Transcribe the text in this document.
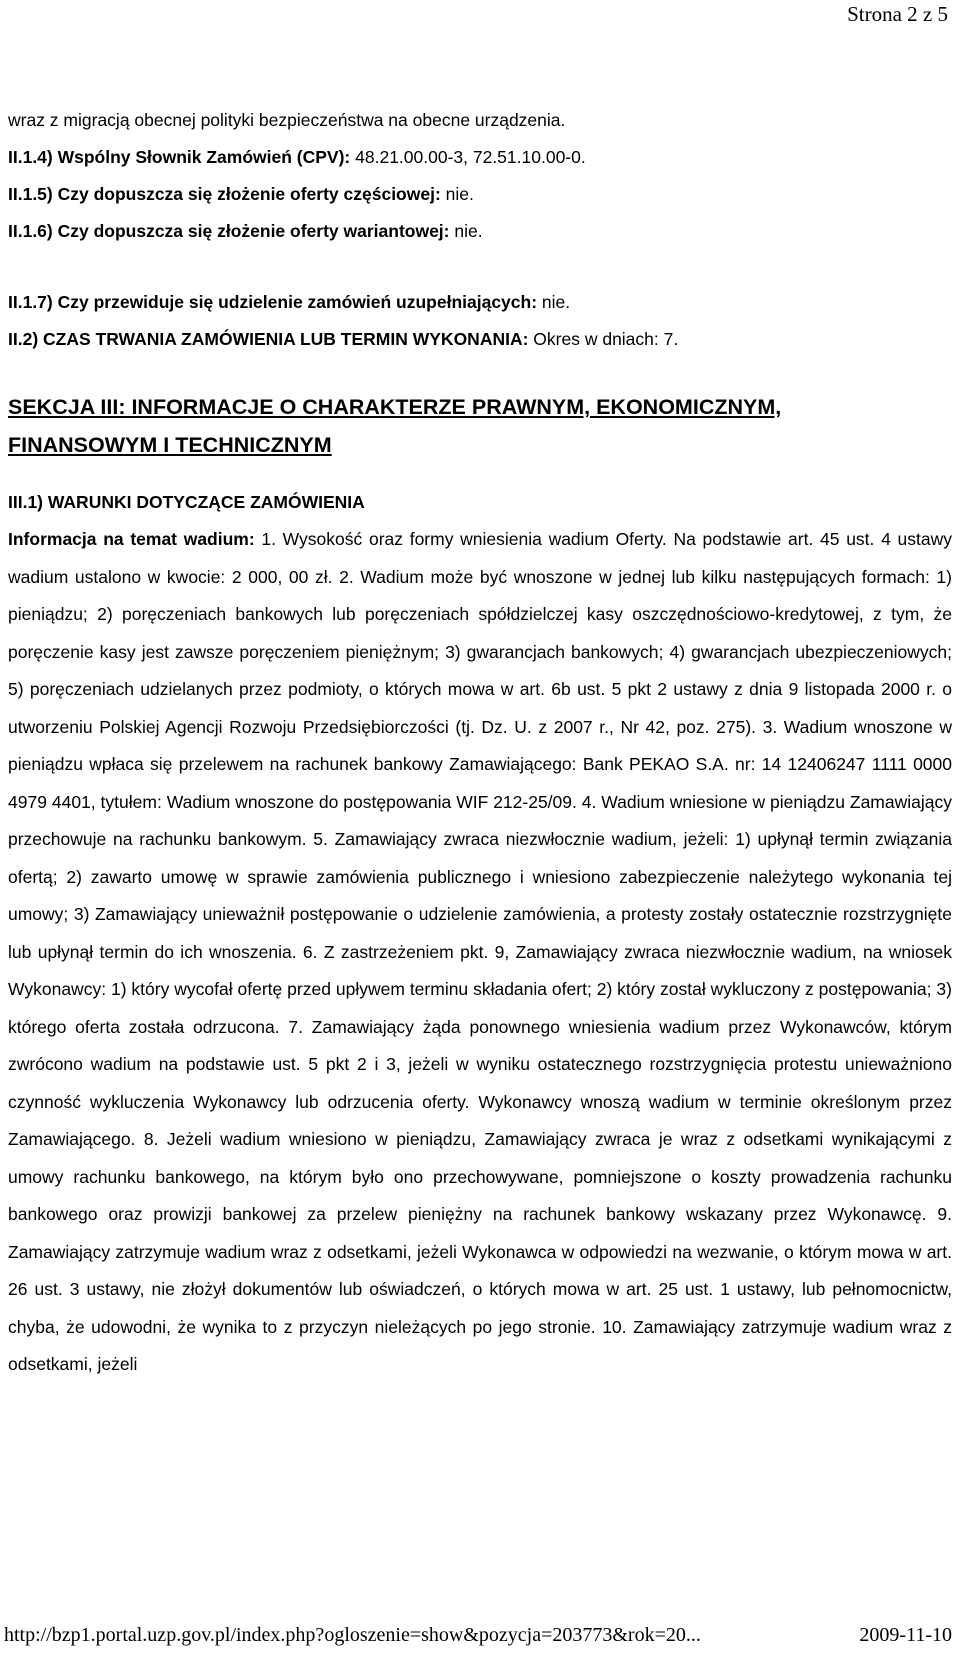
Strona 2 z 5
wraz z migracją obecnej polityki bezpieczeństwa na obecne urządzenia.
II.1.4) Wspólny Słownik Zamówień (CPV): 48.21.00.00-3, 72.51.10.00-0.
II.1.5) Czy dopuszcza się złożenie oferty częściowej: nie.
II.1.6) Czy dopuszcza się złożenie oferty wariantowej: nie.
II.1.7) Czy przewiduje się udzielenie zamówień uzupełniających: nie.
II.2) CZAS TRWANIA ZAMÓWIENIA LUB TERMIN WYKONANIA: Okres w dniach: 7.
SEKCJA III: INFORMACJE O CHARAKTERZE PRAWNYM, EKONOMICZNYM,
FINANSOWYM I TECHNICZNYM
III.1) WARUNKI DOTYCZĄCE ZAMÓWIENIA
Informacja na temat wadium: 1. Wysokość oraz formy wniesienia wadium Oferty. Na podstawie art. 45 ust. 4 ustawy wadium ustalono w kwocie: 2 000, 00 zł. 2. Wadium może być wnoszone w jednej lub kilku następujących formach: 1) pieniądzu; 2) poręczeniach bankowych lub poręczeniach spółdzielczej kasy oszczędnościowo-kredytowej, z tym, że poręczenie kasy jest zawsze poręczeniem pieniężnym; 3) gwarancjach bankowych; 4) gwarancjach ubezpieczeniowych; 5) poręczeniach udzielanych przez podmioty, o których mowa w art. 6b ust. 5 pkt 2 ustawy z dnia 9 listopada 2000 r. o utworzeniu Polskiej Agencji Rozwoju Przedsiębiorczości (tj. Dz. U. z 2007 r., Nr 42, poz. 275). 3. Wadium wnoszone w pieniądzu wpłaca się przelewem na rachunek bankowy Zamawiającego: Bank PEKAO S.A. nr: 14 12406247 1111 0000 4979 4401, tytułem: Wadium wnoszone do postępowania WIF 212-25/09. 4. Wadium wniesione w pieniądzu Zamawiający przechowuje na rachunku bankowym. 5. Zamawiający zwraca niezwłocznie wadium, jeżeli: 1) upłynął termin związania ofertą; 2) zawarto umowę w sprawie zamówienia publicznego i wniesiono zabezpieczenie należytego wykonania tej umowy; 3) Zamawiający unieważnił postępowanie o udzielenie zamówienia, a protesty zostały ostatecznie rozstrzygnięte lub upłynął termin do ich wnoszenia. 6. Z zastrzeżeniem pkt. 9, Zamawiający zwraca niezwłocznie wadium, na wniosek Wykonawcy: 1) który wycofał ofertę przed upływem terminu składania ofert; 2) który został wykluczony z postępowania; 3) którego oferta została odrzucona. 7. Zamawiający żąda ponownego wniesienia wadium przez Wykonawców, którym zwrócono wadium na podstawie ust. 5 pkt 2 i 3, jeżeli w wyniku ostatecznego rozstrzygnięcia protestu unieważniono czynność wykluczenia Wykonawcy lub odrzucenia oferty. Wykonawcy wnoszą wadium w terminie określonym przez Zamawiającego. 8. Jeżeli wadium wniesiono w pieniądzu, Zamawiający zwraca je wraz z odsetkami wynikającymi z umowy rachunku bankowego, na którym było ono przechowywane, pomniejszone o koszty prowadzenia rachunku bankowego oraz prowizji bankowej za przelew pieniężny na rachunek bankowy wskazany przez Wykonawcę. 9. Zamawiający zatrzymuje wadium wraz z odsetkami, jeżeli Wykonawca w odpowiedzi na wezwanie, o którym mowa w art. 26 ust. 3 ustawy, nie złożył dokumentów lub oświadczeń, o których mowa w art. 25 ust. 1 ustawy, lub pełnomocnictw, chyba, że udowodni, że wynika to z przyczyn nieleżących po jego stronie. 10. Zamawiający zatrzymuje wadium wraz z odsetkami, jeżeli
http://bzp1.portal.uzp.gov.pl/index.php?ogloszenie=show&pozycja=203773&rok=20...	2009-11-10
